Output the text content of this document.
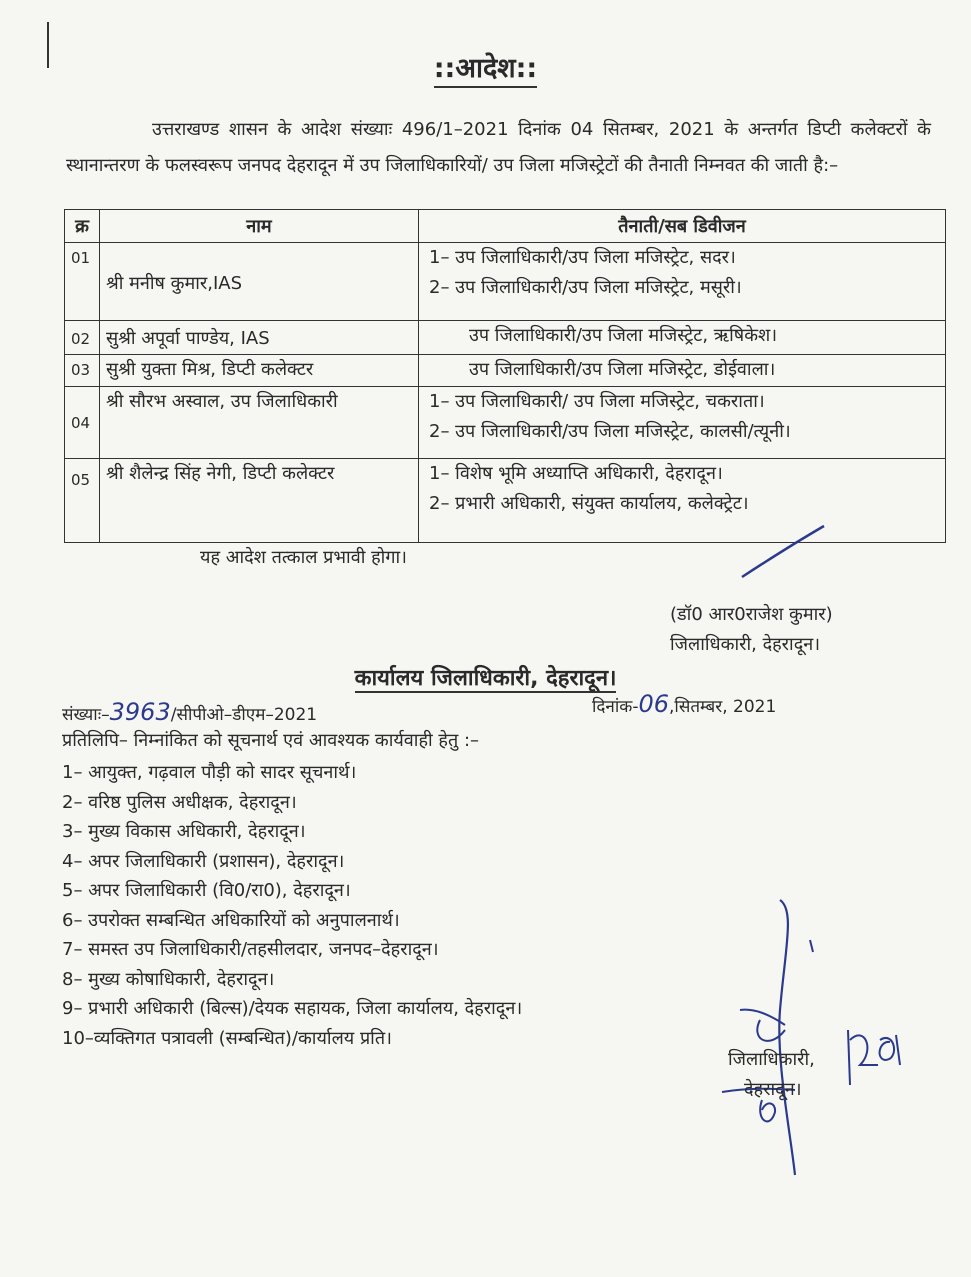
::आदेश::
उत्तराखण्ड शासन के आदेश संख्याः 496/1–2021 दिनांक 04 सितम्बर, 2021 के अन्तर्गत डिप्टी कलेक्टरों के स्थानान्तरण के फलस्वरूप जनपद देहरादून में उप जिलाधिकारियों/ उप जिला मजिस्ट्रेटों की तैनाती निम्नवत की जाती है:–
क्र	नाम	तैनाती/सब डिवीजन

01	श्री मनीष कुमार,IAS	1– उप जिलाधिकारी/उप जिला मजिस्ट्रेट, सदर।
2– उप जिलाधिकारी/उप जिला मजिस्ट्रेट, मसूरी।

02	सुश्री अपूर्वा पाण्डेय, IAS	उप जिलाधिकारी/उप जिला मजिस्ट्रेट, ऋषिकेश।

03	सुश्री युक्ता मिश्र, डिप्टी कलेक्टर	उप जिलाधिकारी/उप जिला मजिस्ट्रेट, डोईवाला।

04	श्री सौरभ अस्वाल, उप जिलाधिकारी	1– उप जिलाधिकारी/ उप जिला मजिस्ट्रेट, चकराता।
2– उप जिलाधिकारी/उप जिला मजिस्ट्रेट, कालसी/त्यूनी।

05	श्री शैलेन्द्र सिंह नेगी, डिप्टी कलेक्टर	1– विशेष भूमि अध्याप्ति अधिकारी, देहरादून।
2– प्रभारी अधिकारी, संयुक्त कार्यालय, कलेक्ट्रेट।
यह आदेश तत्काल प्रभावी होगा।
(डॉ0 आर0राजेश कुमार)
जिलाधिकारी, देहरादून।
कार्यालय जिलाधिकारी, देहरादून।
संख्याः–3963/सीपीओ–डीएम–2021	दिनांक-06,सितम्बर, 2021
प्रतिलिपि– निम्नांकित को सूचनार्थ एवं आवश्यक कार्यवाही हेतु :–
1– आयुक्त, गढ़वाल पौड़ी को सादर सूचनार्थ।
2– वरिष्ठ पुलिस अधीक्षक, देहरादून।
3– मुख्य विकास अधिकारी, देहरादून।
4– अपर जिलाधिकारी (प्रशासन), देहरादून।
5– अपर जिलाधिकारी (वि0/रा0), देहरादून।
6– उपरोक्त सम्बन्धित अधिकारियों को अनुपालनार्थ।
7– समस्त उप जिलाधिकारी/तहसीलदार, जनपद–देहरादून।
8– मुख्य कोषाधिकारी, देहरादून।
9– प्रभारी अधिकारी (बिल्स)/देयक सहायक, जिला कार्यालय, देहरादून।
10–व्यक्तिगत पत्रावली (सम्बन्धित)/कार्यालय प्रति।
जिलाधिकारी,
देहरादून।
